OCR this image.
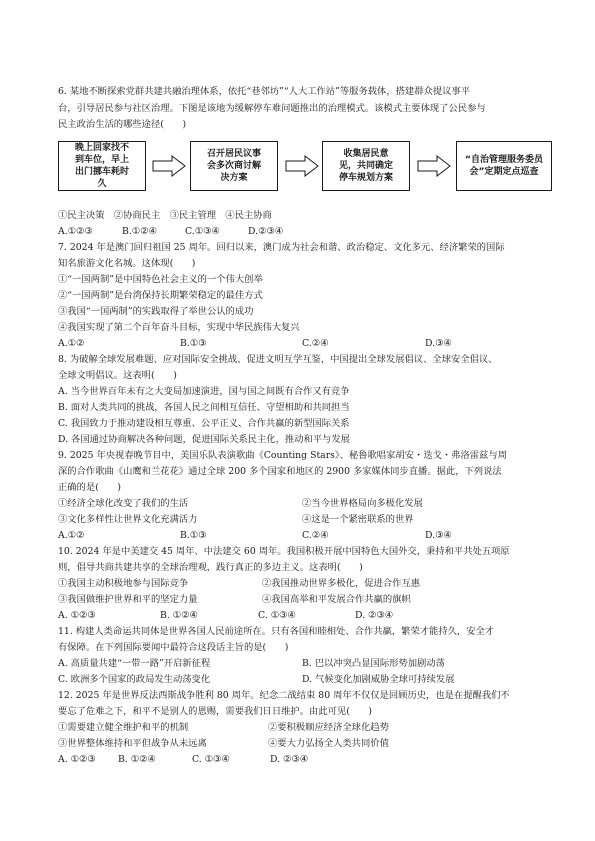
6. 某地不断探索党群共建共融治理体系，依托“巷邻坊”“人大工作站”等服务载体，搭建群众提议事平
台，引导居民参与社区治理。下图是该地为缓解停车难问题推出的治理模式。该模式主要体现了公民参与
民主政治生活的哪些途径(　　)
晚上回家找不到车位，早上出门挪车耗时久
召开居民议事会多次商讨解决方案
收集居民意见，共同确定停车规划方案
“自治管理服务委员会”定期定点巡查
①民主决策　②协商民主　③民主管理　④民主协商
A.①②③	B.①②④	C.①③④	D.②③④
7. 2024 年是澳门回归祖国 25 周年。回归以来，澳门成为社会和谐、政治稳定、文化多元、经济繁荣的国际
知名旅游文化名城。这体现(　　)
①“一国两制”是中国特色社会主义的一个伟大创举
②“一国两制”是台湾保持长期繁荣稳定的最佳方式
③我国“一国两制”的实践取得了举世公认的成功
④我国实现了第二个百年奋斗目标，实现中华民族伟大复兴
A.①②	B.①③	C.②④	D.③④
8. 为破解全球发展难题、应对国际安全挑战、促进文明互学互鉴，中国提出全球发展倡议、全球安全倡议、
全球文明倡议。这表明(　　)
A. 当今世界百年未有之大变局加速演进，国与国之间既有合作又有竞争
B. 面对人类共同的挑战，各国人民之间相互信任、守望相助和共同担当
C. 我国致力于推动建设相互尊重、公平正义、合作共赢的新型国际关系
D. 各国通过协商解决各种问题，促进国际关系民主化，推动和平与发展
9. 2025 年央视春晚节目中，美国乐队表演歌曲《Counting Stars》、秘鲁歌唱家胡安・迭戈・弗洛雷兹与周
深的合作歌曲《山鹰和兰花花》通过全球 200 多个国家和地区的 2900 多家媒体同步直播。据此，下列说法
正确的是(　　)
①经济全球化改变了我们的生活	②当今世界格局向多极化发展
③文化多样性让世界文化充满活力	④这是一个紧密联系的世界
A.①②	B.①③	C.②④	D.③④
10. 2024 年是中美建交 45 周年、中法建交 60 周年。我国积极开展中国特色大国外交，秉持和平共处五项原
则，倡导共商共建共享的全球治理观，践行真正的多边主义。这表明(　　)
①我国主动积极地参与国际竞争	②我国推动世界多极化，促进合作互惠
③我国做维护世界和平的坚定力量	④我国高举和平发展合作共赢的旗帜
A. ①②③	B. ①②④	C. ①③④	D. ②③④
11. 构建人类命运共同体是世界各国人民前途所在。只有各国和睦相处、合作共赢，繁荣才能持久，安全才
有保障。在下列国际要闻中最符合这段话主旨的是(　　)
A. 高质量共建“一带一路”开启新征程	B. 巴以冲突凸显国际形势加剧动荡
C. 欧洲多个国家的政局发生动荡变化	D. 气候变化加剧威胁全球可持续发展
12. 2025 年是世界反法西斯战争胜利 80 周年。纪念二战结束 80 周年不仅仅是回顾历史，也是在提醒我们不
要忘了危难之下，和平不是别人的恩赐，需要我们日日维护。由此可见(　　)
①需要建立健全维护和平的机制	②要积极顺应经济全球化趋势
③世界整体维持和平但战争从未远离	④要大力弘扬全人类共同价值
A. ①②③ B. ①②④	C. ①③④	D. ②③④
